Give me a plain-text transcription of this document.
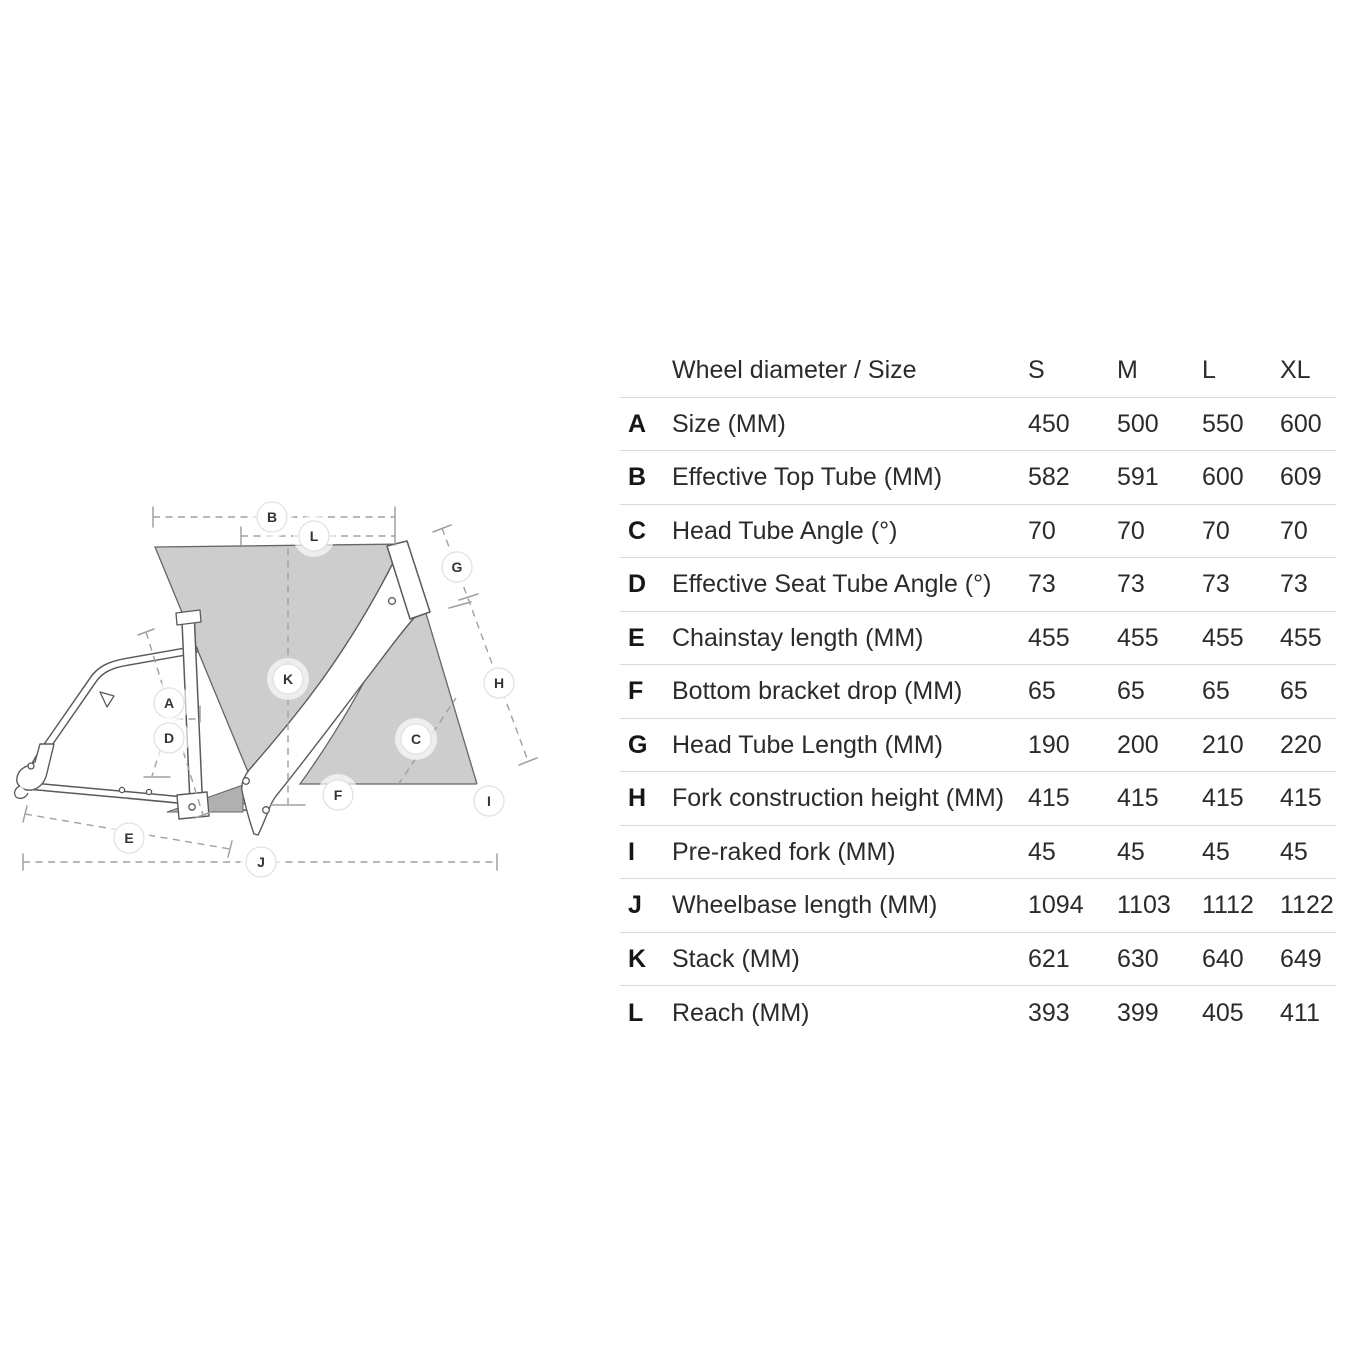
B
L
G
K
A
D	C
H
F	I
E
J
Wheel diameter / Size	S	M	L	XL
A	Size (MM)	450	500	550	600
B	Effective Top Tube (MM)	582	591	600	609
C	Head Tube Angle (°)	70	70	70	70
D	Effective Seat Tube Angle (°)	73	73	73	73
E	Chainstay length (MM)	455	455	455	455
F	Bottom bracket drop (MM)	65	65	65	65
G Head Tube Length (MM)	190	200	210	220
H	Fork construction height (MM) 415	415	415	415
I	Pre-raked fork (MM)	45	45	45	45
J	Wheelbase length (MM)	1094	1103	1112	1122
K	Stack (MM)	621	630	640	649
L	Reach (MM)	393	399	405	411
